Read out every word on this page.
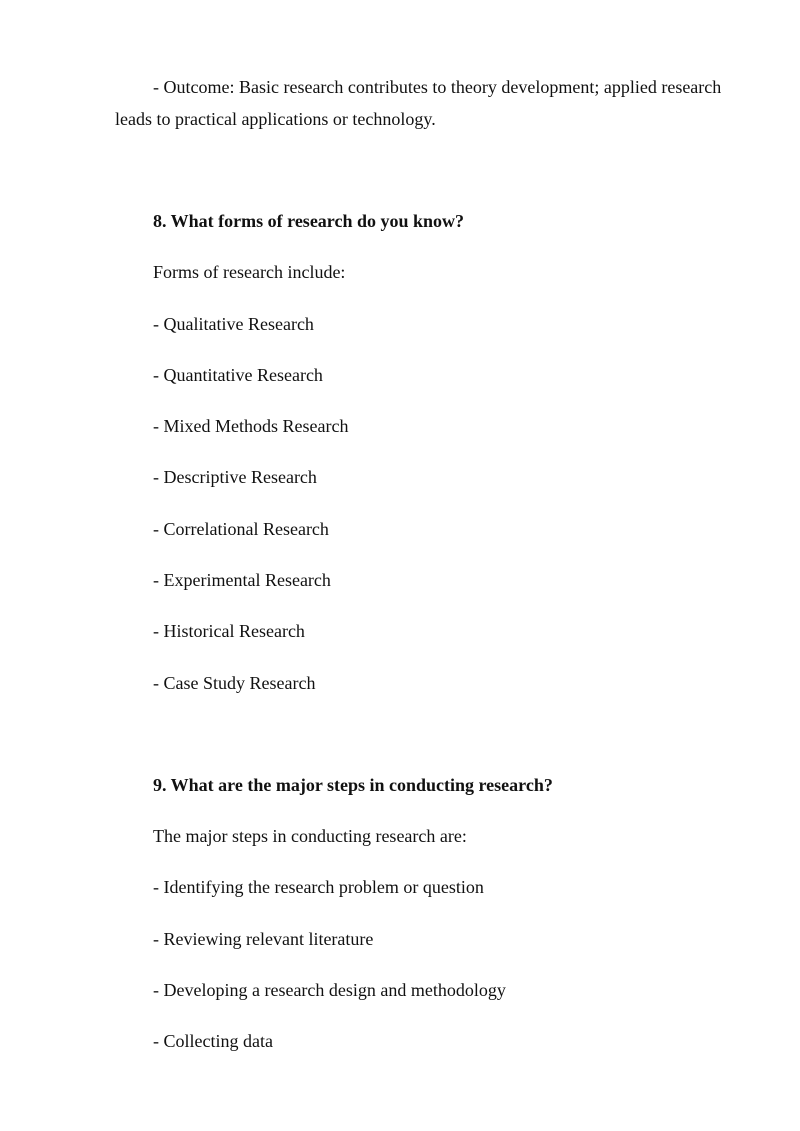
- Outcome: Basic research contributes to theory development; applied research leads to practical applications or technology.

8. What forms of research do you know?

Forms of research include:

- Qualitative Research

- Quantitative Research

- Mixed Methods Research

- Descriptive Research

- Correlational Research

- Experimental Research

- Historical Research

- Case Study Research

9. What are the major steps in conducting research?

The major steps in conducting research are:

- Identifying the research problem or question

- Reviewing relevant literature

- Developing a research design and methodology

- Collecting data
